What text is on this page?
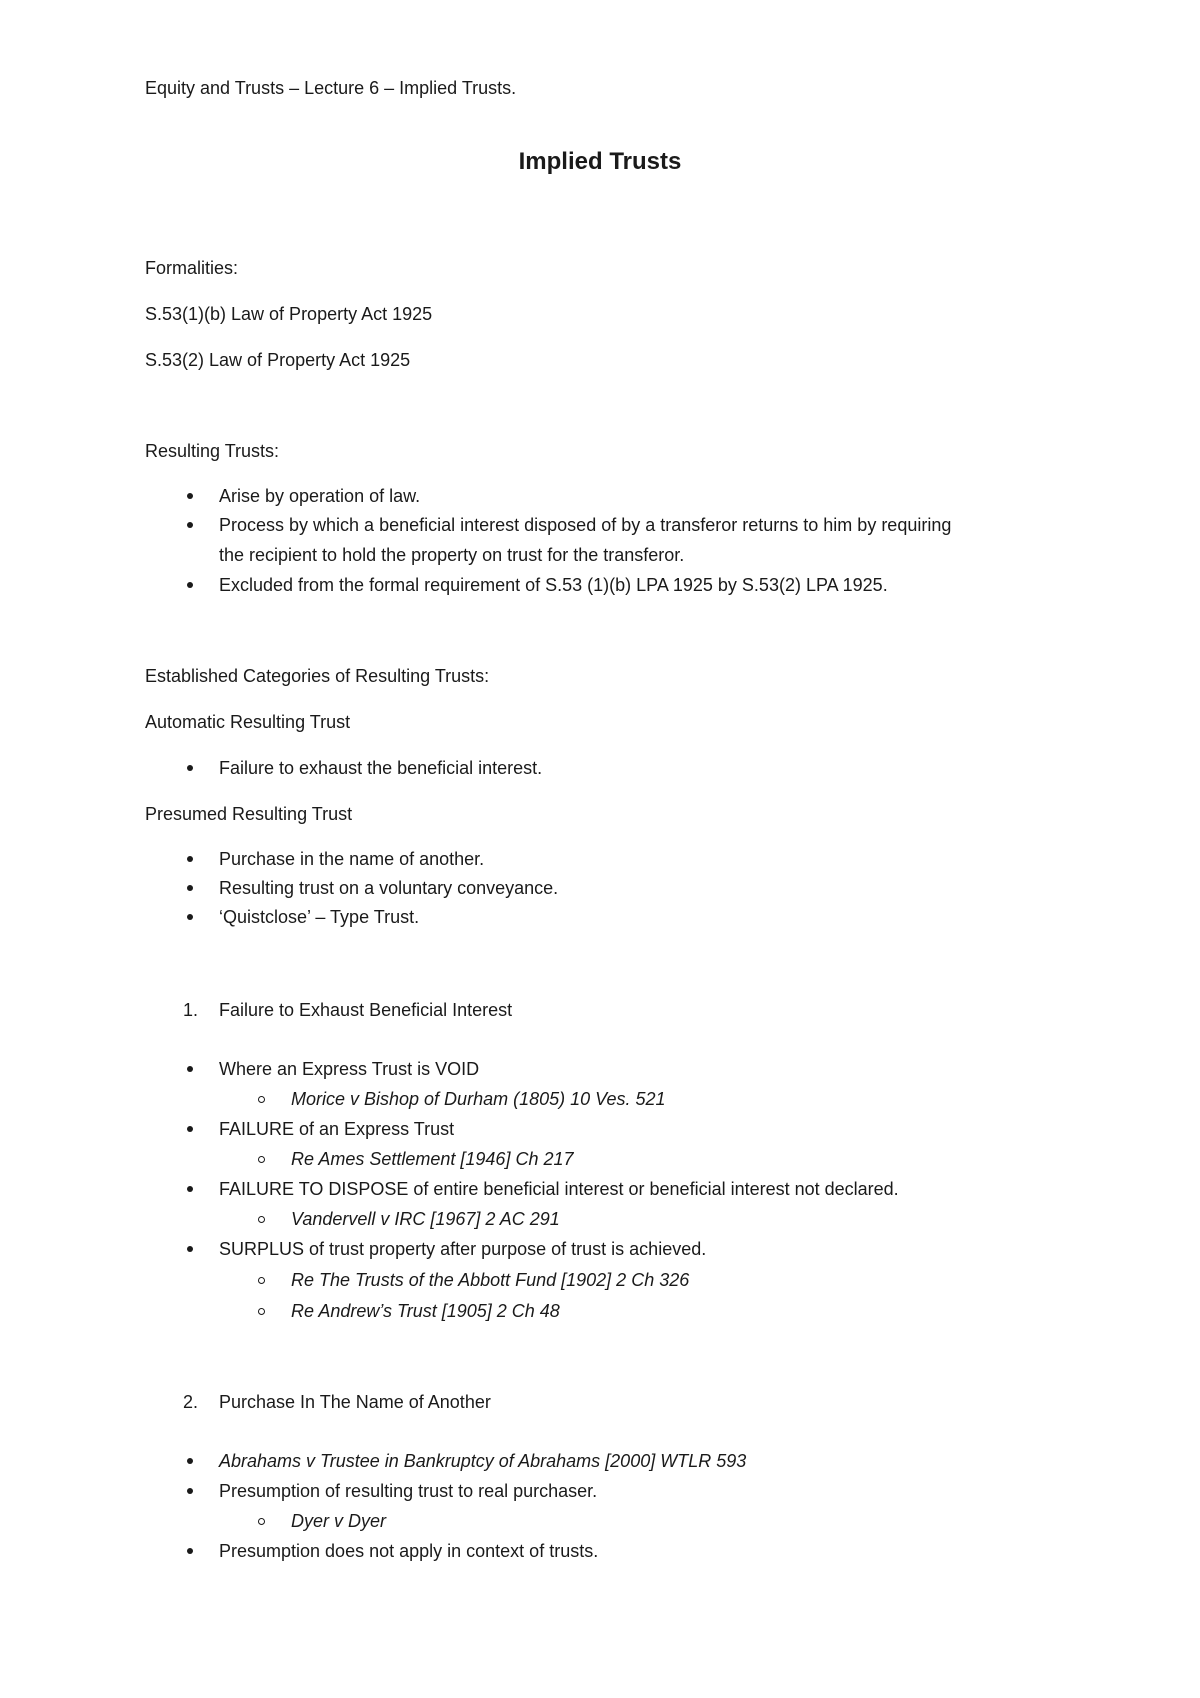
Equity and Trusts – Lecture 6 – Implied Trusts.
Implied Trusts
Formalities:
S.53(1)(b) Law of Property Act 1925
S.53(2) Law of Property Act 1925
Resulting Trusts:
Arise by operation of law.
Process by which a beneficial interest disposed of by a transferor returns to him by requiring
the recipient to hold the property on trust for the transferor.
Excluded from the formal requirement of S.53 (1)(b) LPA 1925 by S.53(2) LPA 1925.
Established Categories of Resulting Trusts:
Automatic Resulting Trust
Failure to exhaust the beneficial interest.
Presumed Resulting Trust
Purchase in the name of another.
Resulting trust on a voluntary conveyance.
‘Quistclose’ – Type Trust.
1. Failure to Exhaust Beneficial Interest
Where an Express Trust is VOID
Morice v Bishop of Durham (1805) 10 Ves. 521
FAILURE of an Express Trust
Re Ames Settlement [1946] Ch 217
FAILURE TO DISPOSE of entire beneficial interest or beneficial interest not declared.
Vandervell v IRC [1967] 2 AC 291
SURPLUS of trust property after purpose of trust is achieved.
Re The Trusts of the Abbott Fund [1902] 2 Ch 326
Re Andrew’s Trust [1905] 2 Ch 48
2. Purchase In The Name of Another
Abrahams v Trustee in Bankruptcy of Abrahams [2000] WTLR 593
Presumption of resulting trust to real purchaser.
Dyer v Dyer
Presumption does not apply in context of trusts.
